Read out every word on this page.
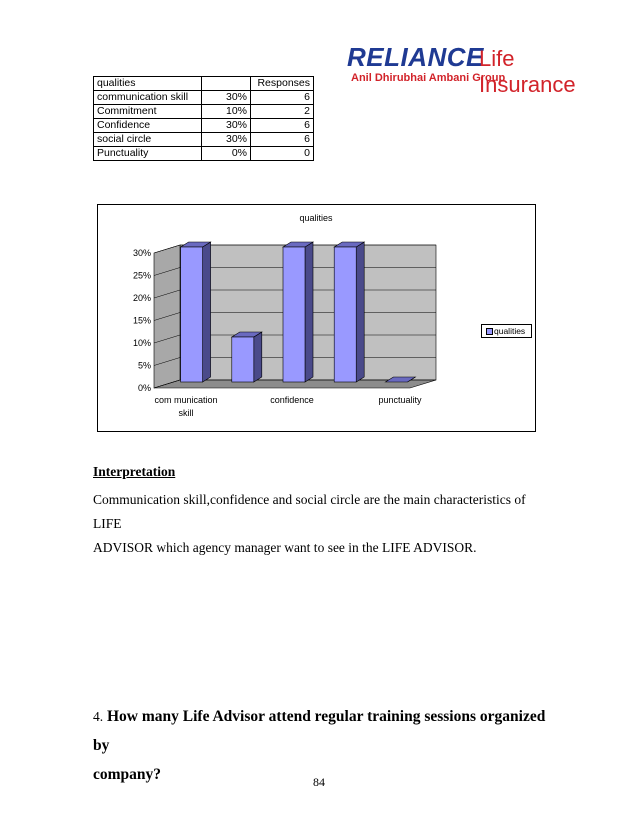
RELIANCE
Life Insurance
Anil Dhirubhai Ambani Group
qualities		Responses
communication skill	30%	6
Commitment	10%	2
Confidence	30%	6
social circle	30%	6
Punctuality	0%	0
qualities
0%
5%
10%
15%
20%
25%
30%
com munication
skill
confidence	punctuality
qualities
Interpretation
Communication skill,confidence and social circle are the main characteristics of LIFE
ADVISOR which agency manager want to see in the LIFE ADVISOR.
4. How many Life Advisor attend regular training sessions organized by
company?	84
